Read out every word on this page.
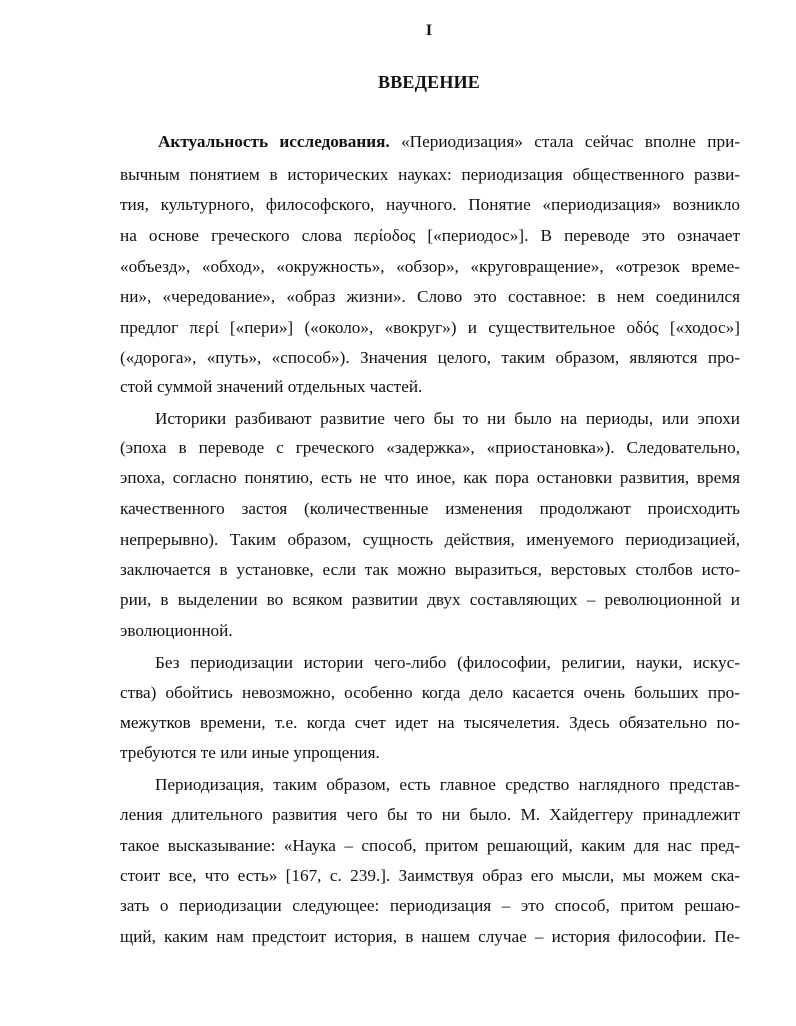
I
ВВЕДЕНИЕ
Актуальность исследования. «Периодизация» стала сейчас вполне при-
вычным понятием в исторических науках: периодизация общественного разви-
тия, культурного, философского, научного. Понятие «периодизация» возникло
на основе греческого слова περίοδος [«периодос»]. В переводе это означает
«объезд», «обход», «окружность», «обзор», «круговращение», «отрезок време-
ни», «чередование», «образ жизни». Слово это составное: в нем соединился
предлог περί [«пери»] («около», «вокруг») и существительное οδός [«ходос»]
(«дорога», «путь», «способ»). Значения целого, таким образом, являются про-
стой суммой значений отдельных частей.
Историки разбивают развитие чего бы то ни было на периоды, или эпохи
(эпоха в переводе с греческого «задержка», «приостановка»). Следовательно,
эпоха, согласно понятию, есть не что иное, как пора остановки развития, время
качественного застоя (количественные изменения продолжают происходить
непрерывно). Таким образом, сущность действия, именуемого периодизацией,
заключается в установке, если так можно выразиться, верстовых столбов исто-
рии, в выделении во всяком развитии двух составляющих – революционной и
эволюционной.
Без периодизации истории чего-либо (философии, религии, науки, искус-
ства) обойтись невозможно, особенно когда дело касается очень больших про-
межутков времени, т.е. когда счет идет на тысячелетия. Здесь обязательно по-
требуются те или иные упрощения.
Периодизация, таким образом, есть главное средство наглядного представ-
ления длительного развития чего бы то ни было. М. Хайдеггеру принадлежит
такое высказывание: «Наука – способ, притом решающий, каким для нас пред-
стоит все, что есть» [167, с. 239.]. Заимствуя образ его мысли, мы можем ска-
зать о периодизации следующее: периодизация – это способ, притом решаю-
щий, каким нам предстоит история, в нашем случае – история философии. Пе-
